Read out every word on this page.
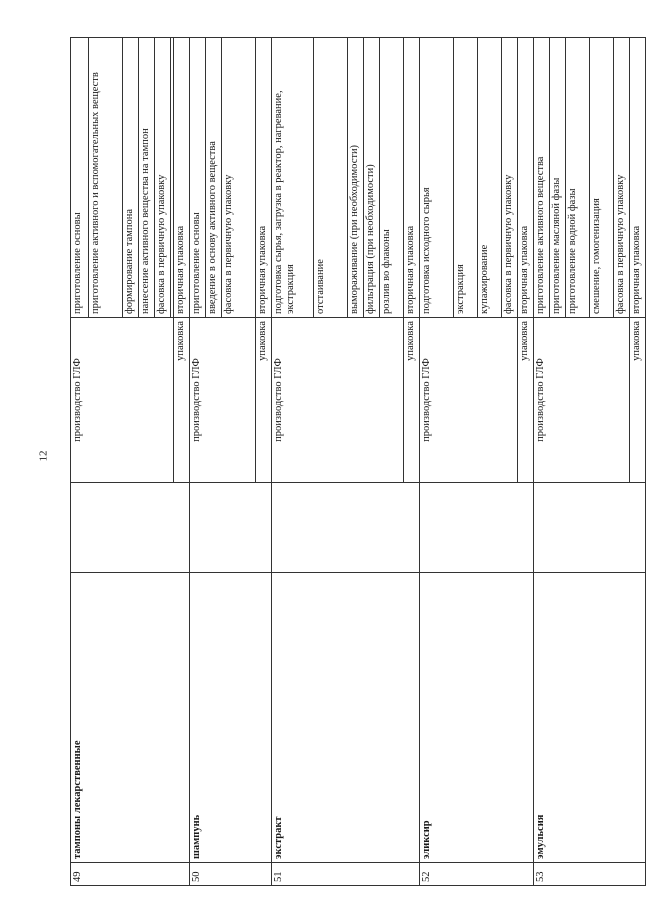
12
49	тампоны лекарственные		производство ГЛФ	приготовление основы
				приготовление активного и вспомогательных веществ
				формирование тампона
				нанесение активного вещества на тампон
				фасовка в первичную упаковку

			упаковка	вторичная упаковка
50	шампунь		производство ГЛФ	приготовление основы
				введение в основу активного вещества
				фасовка в первичную упаковку
			упаковка	вторичная упаковка
51	экстракт		производство ГЛФ	подготовка сырья, загрузка в реактор, нагревание, экстракция
				отстаивание
				вымораживание (при необходимости)
				фильтрация (при необходимости)
				розлив во флаконы
			упаковка	вторичная упаковка
52	эликсир		производство ГЛФ	подготовка исходного сырья
				экстракция
				купажирование
				фасовка в первичную упаковку
			упаковка	вторичная упаковка
53	эмульсия		производство ГЛФ	приготовление активного вещества
				приготовление масляной фазы
				приготовление водной фазы
				смешение, гомогенизация
				фасовка в первичную упаковку
			упаковка	вторичная упаковка
